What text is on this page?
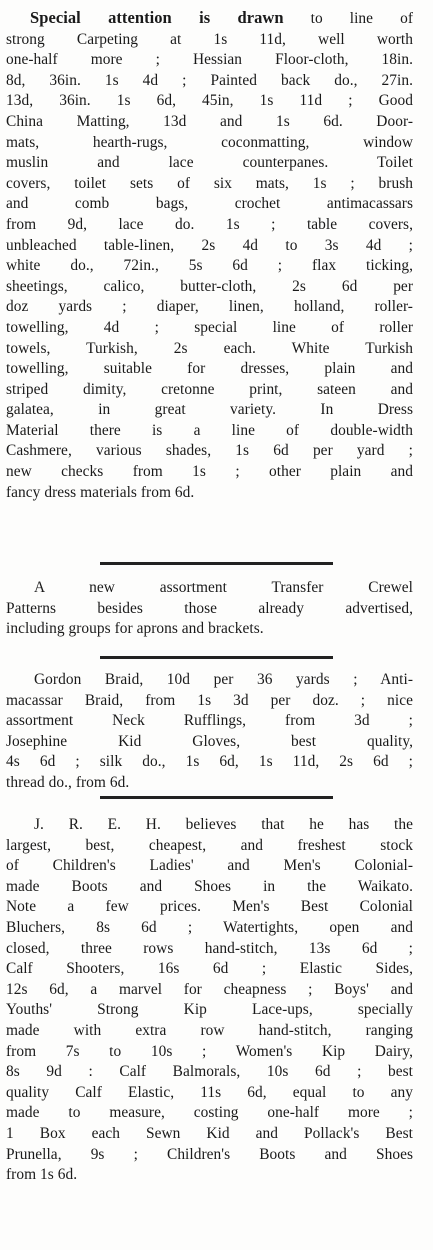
Special attention is drawn to line of
strong Carpeting at 1s 11d, well worth
one-half more ; Hessian Floor-cloth, 18in.
8d, 36in. 1s 4d ; Painted back do., 27in.
13d, 36in. 1s 6d, 45in, 1s 11d ; Good
China Matting, 13d and 1s 6d. Door-
mats, hearth-rugs, coconmatting, window
muslin and lace counterpanes. Toilet
covers, toilet sets of six mats, 1s ; brush
and comb bags, crochet antimacassars
from 9d, lace do. 1s ; table covers,
unbleached table-linen, 2s 4d to 3s 4d ;
white do., 72in., 5s 6d ; flax ticking,
sheetings, calico, butter-cloth, 2s 6d per
doz yards ; diaper, linen, holland, roller-
towelling, 4d ; special line of roller
towels, Turkish, 2s each. White Turkish
towelling, suitable for dresses, plain and
striped dimity, cretonne print, sateen and
galatea, in great variety. In Dress
Material there is a line of double-width
Cashmere, various shades, 1s 6d per yard ;
new checks from 1s ; other plain and
fancy dress materials from 6d.
A new assortment Transfer Crewel
Patterns besides those already advertised,
including groups for aprons and brackets.
Gordon Braid, 10d per 36 yards ; Anti-
macassar Braid, from 1s 3d per doz. ; nice
assortment Neck Rufflings, from 3d ;
Josephine Kid Gloves, best quality,
4s 6d ; silk do., 1s 6d, 1s 11d, 2s 6d ;
thread do., from 6d.
J. R. E. H. believes that he has the
largest, best, cheapest, and freshest stock
of Children's Ladies' and Men's Colonial-
made Boots and Shoes in the Waikato.
Note a few prices. Men's Best Colonial
Bluchers, 8s 6d ; Watertights, open and
closed, three rows hand-stitch, 13s 6d ;
Calf Shooters, 16s 6d ; Elastic Sides,
12s 6d, a marvel for cheapness ; Boys' and
Youths' Strong Kip Lace-ups, specially
made with extra row hand-stitch, ranging
from 7s to 10s ; Women's Kip Dairy,
8s 9d : Calf Balmorals, 10s 6d ; best
quality Calf Elastic, 11s 6d, equal to any
made to measure, costing one-half more ;
1 Box each Sewn Kid and Pollack's Best
Prunella, 9s ; Children's Boots and Shoes
from 1s 6d.
